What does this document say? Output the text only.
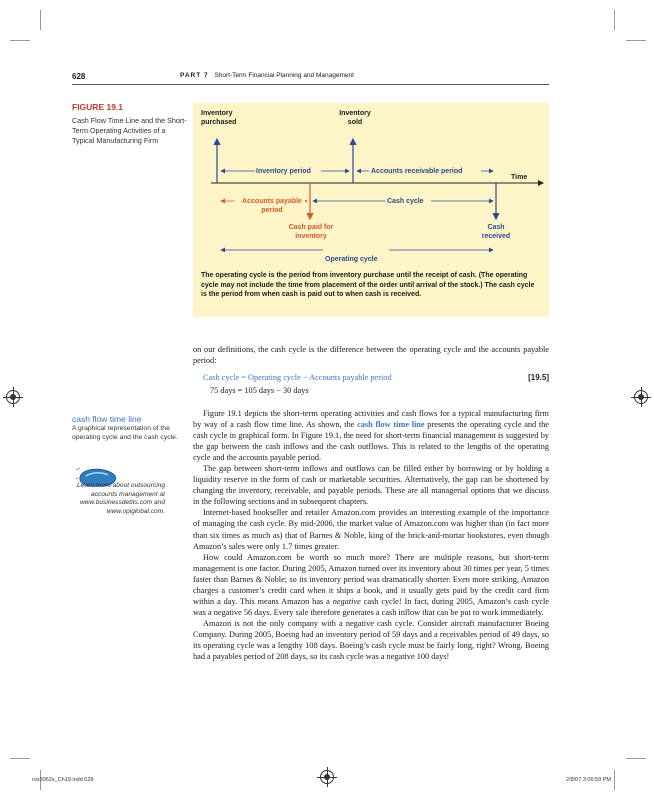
628	PART 7 Short-Term Financial Planning and Management
FIGURE 19.1
Cash Flow Time Line and the Short-Term Operating Activities of a Typical Manufacturing Firm
Inventory purchased
Inventory sold
Inventory period	Accounts receivable period
Time
Accounts payable period
Cash cycle
Cash paid for inventory
Cash received
Operating cycle
The operating cycle is the period from inventory purchase until the receipt of cash. (The operating cycle may not include the time from placement of the order until arrival of the stock.) The cash cycle is the period from when cash is paid out to when cash is received.

on our definitions, the cash cycle is the difference between the operating cycle and the accounts payable period:

Cash cycle = Operating cycle − Accounts payable period	[19.5]
75 days = 105 days − 30 days

Figure 19.1 depicts the short-term operating activities and cash flows for a typical manufacturing firm by way of a cash flow time line. As shown, the cash flow time line presents the operating cycle and the cash cycle in graphical form. In Figure 19.1, the need for short-term financial management is suggested by the gap between the cash inflows and the cash outflows. This is related to the lengths of the operating cycle and the accounts payable period.

The gap between short-term inflows and outflows can be filled either by borrowing or by holding a liquidity reserve in the form of cash or marketable securities. Alternatively, the gap can be shortened by changing the inventory, receivable, and payable periods. These are all managerial options that we discuss in the following sections and in subsequent chapters.

Internet-based bookseller and retailer Amazon.com provides an interesting example of the importance of managing the cash cycle. By mid-2006, the market value of Amazon.com was higher than (in fact more than six times as much as) that of Barnes & Noble, king of the brick-and-mortar bookstores, even though Amazon’s sales were only 1.7 times greater.

How could Amazon.com be worth so much more? There are multiple reasons, but short-term management is one factor. During 2005, Amazon turned over its inventory about 30 times per year, 5 times faster than Barnes & Noble; so its inventory period was dramatically shorter. Even more striking, Amazon charges a customer’s credit card when it ships a book, and it usually gets paid by the credit card firm within a day. This means Amazon has a negative cash cycle! In fact, during 2005, Amazon’s cash cycle was a negative 56 days. Every sale therefore generates a cash inflow that can be put to work immediately.

Amazon is not the only company with a negative cash cycle. Consider aircraft manufacturer Boeing Company. During 2005, Boeing had an inventory period of 59 days and a receivables period of 49 days, so its operating cycle was a lengthy 108 days. Boeing’s cash cycle must be fairly long, right? Wrong. Boeing had a payables period of 208 days, so its cash cycle was a negative 100 days!

cash flow time line
A graphical representation of the operating cycle and the cash cycle.
Learn more about outsourcing accounts management at www.businessdebts.com and www.opiglobal.com.
ros3062x_Ch19.indd 628	2/8/07 3:06:59 PM
